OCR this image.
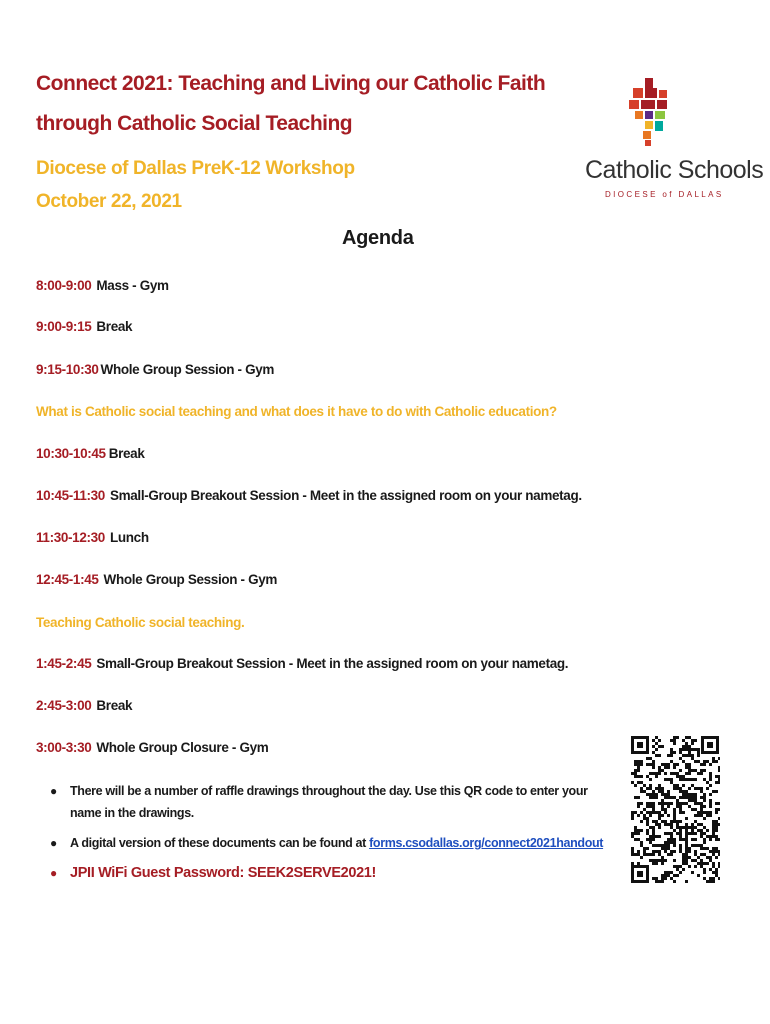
Connect 2021: Teaching and Living our Catholic Faith through Catholic Social Teaching
Diocese of Dallas PreK-12 Workshop
October 22, 2021
Catholic Schools
DIOCESE of DALLAS
Agenda
8:00-9:00 Mass - Gym
9:00-9:15 Break
9:15-10:30 Whole Group Session - Gym
What is Catholic social teaching and what does it have to do with Catholic education?
10:30-10:45 Break
10:45-11:30 Small-Group Breakout Session - Meet in the assigned room on your nametag.
11:30-12:30 Lunch
12:45-1:45 Whole Group Session - Gym
Teaching Catholic social teaching.
1:45-2:45 Small-Group Breakout Session - Meet in the assigned room on your nametag.
2:45-3:00 Break
3:00-3:30 Whole Group Closure - Gym
● There will be a number of raffle drawings throughout the day. Use this QR code to enter your name in the drawings.
● A digital version of these documents can be found at forms.csodallas.org/connect2021handout
● JPII WiFi Guest Password: SEEK2SERVE2021!
